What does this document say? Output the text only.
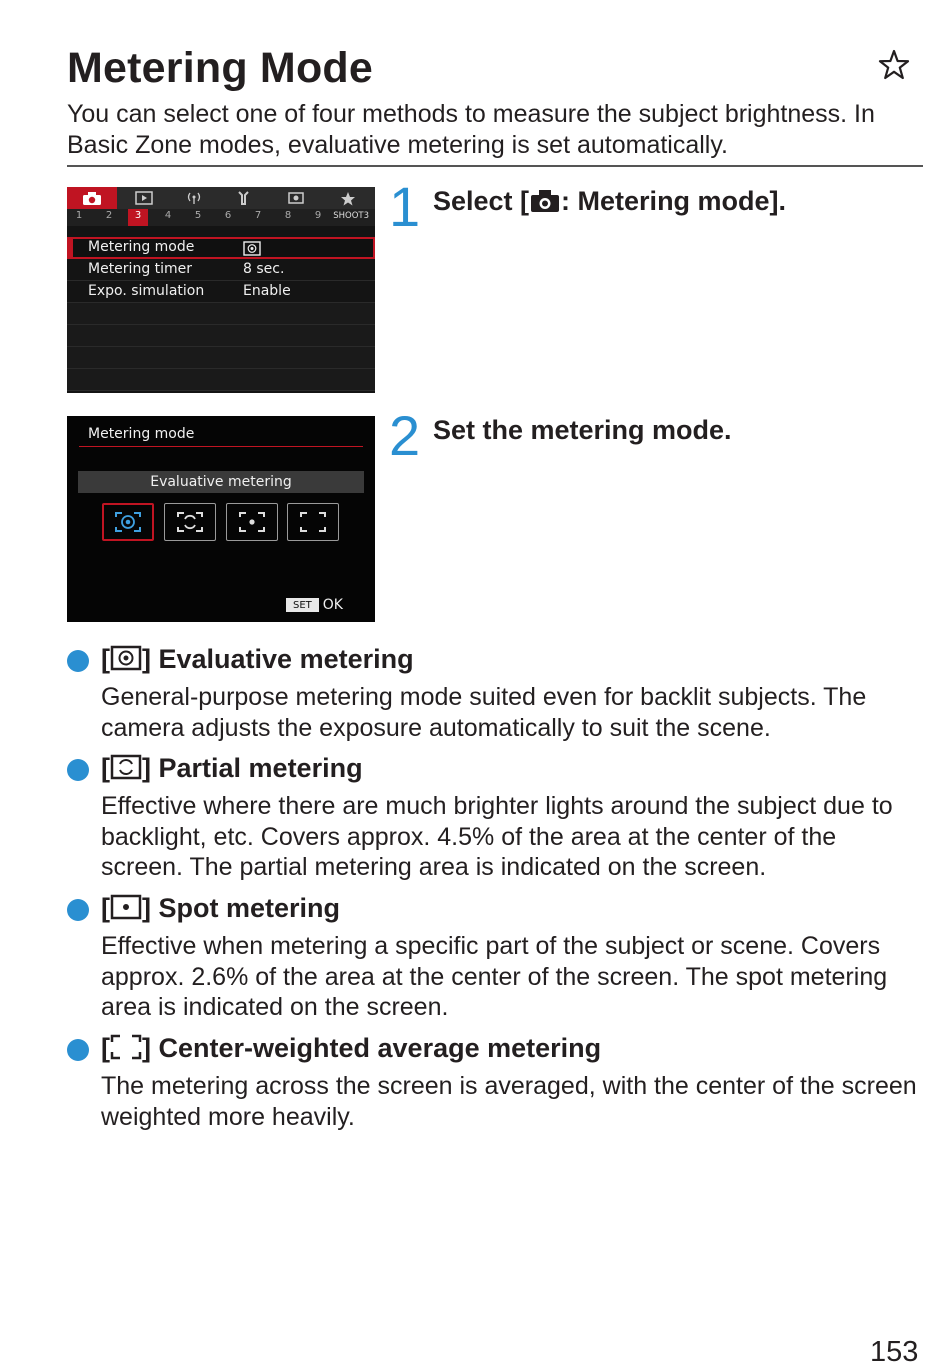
Metering Mode
You can select one of four methods to measure the subject brightness. In Basic Zone modes, evaluative metering is set automatically.
1	2	3	4	5	6	7	8	9	SHOOT3
Metering mode
Metering timer	8 sec.
Expo. simulation	Enable
Metering mode
Evaluative metering
SET OK
1 Select [ : Metering mode].
2 Set the metering mode.
[ ] Evaluative metering
General-purpose metering mode suited even for backlit subjects. The camera adjusts the exposure automatically to suit the scene.
[ ] Partial metering
Effective where there are much brighter lights around the subject due to backlight, etc. Covers approx. 4.5% of the area at the center of the screen. The partial metering area is indicated on the screen.
[ ] Spot metering
Effective when metering a specific part of the subject or scene. Covers approx. 2.6% of the area at the center of the screen. The spot metering area is indicated on the screen.
[ ] Center-weighted average metering
The metering across the screen is averaged, with the center of the screen weighted more heavily.
153
